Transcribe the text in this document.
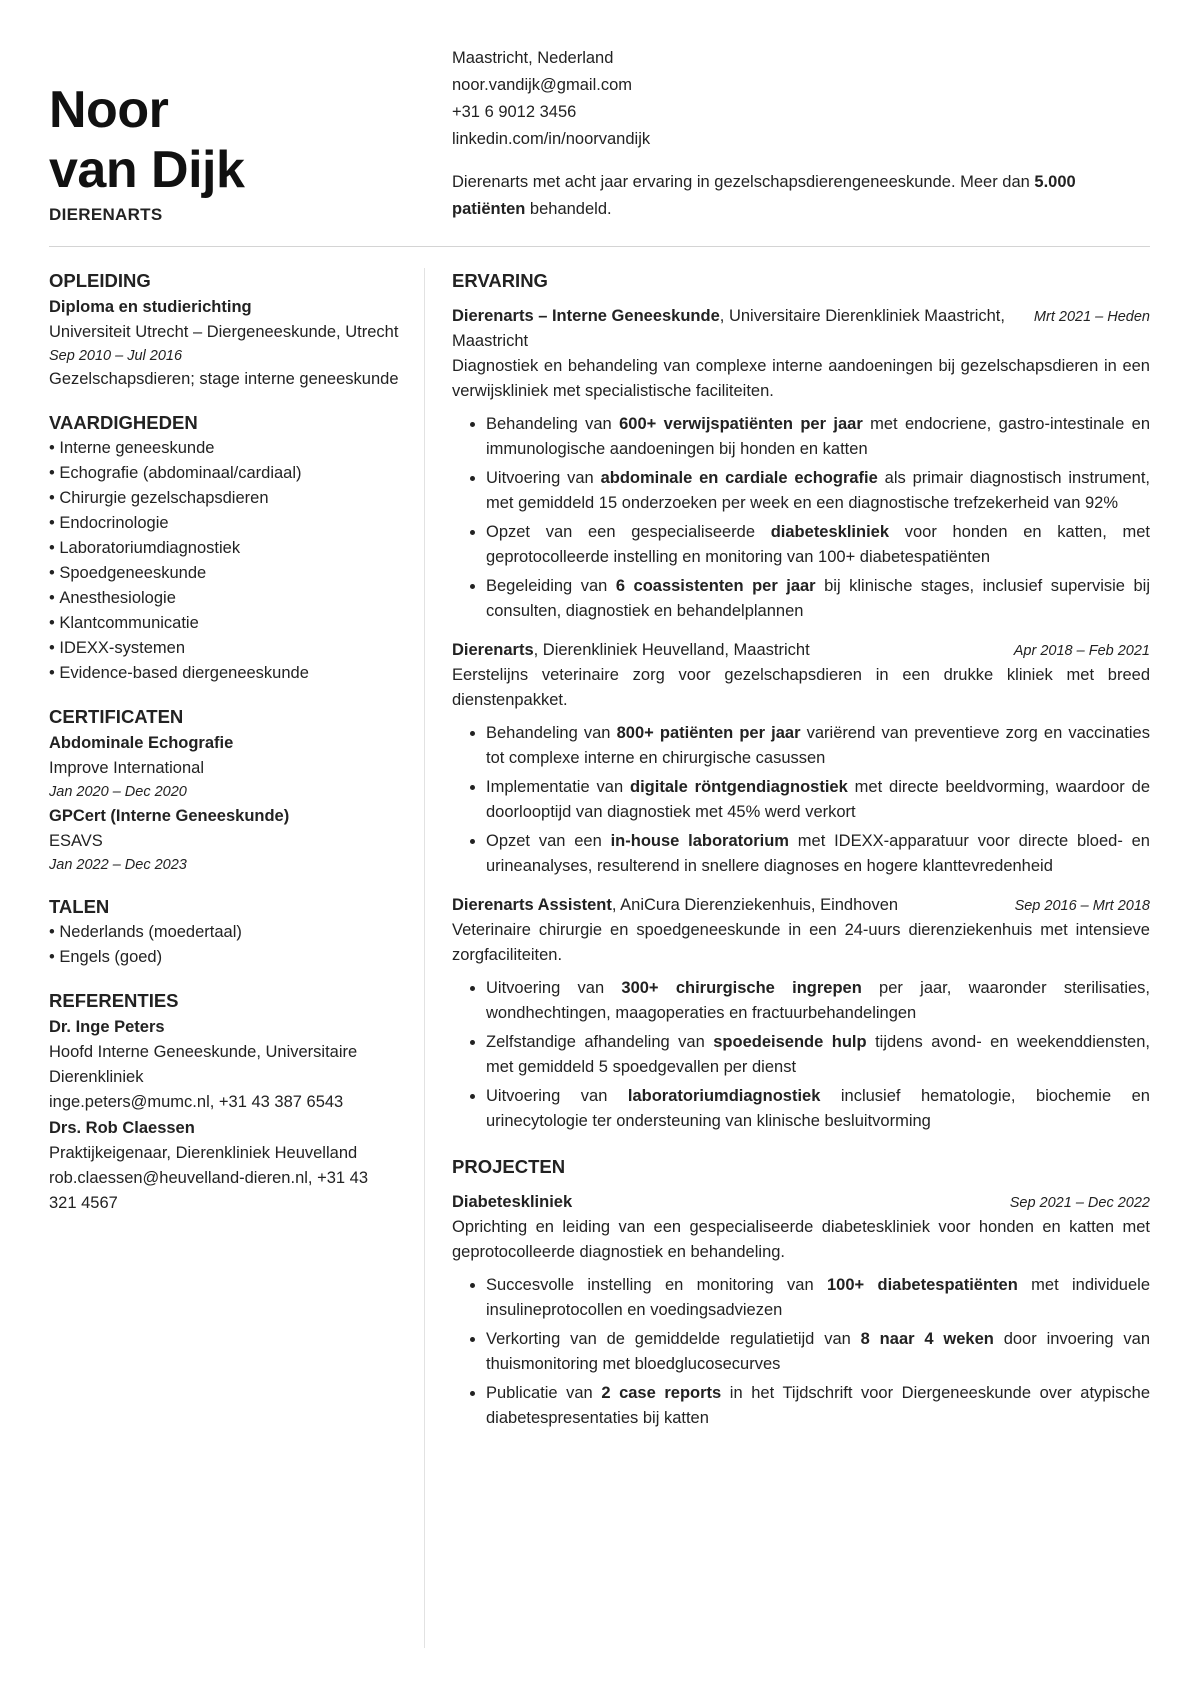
Noor
van Dijk
DIERENARTS
Maastricht, Nederland
noor.vandijk@gmail.com
+31 6 9012 3456
linkedin.com/in/noorvandijk
Dierenarts met acht jaar ervaring in gezelschapsdierengeneeskunde. Meer dan 5.000 patiënten behandeld.
OPLEIDING
Diploma en studierichting
Universiteit Utrecht – Diergeneeskunde, Utrecht
Sep 2010 – Jul 2016
Gezelschapsdieren; stage interne geneeskunde
VAARDIGHEDEN
• Interne geneeskunde
• Echografie (abdominaal/cardiaal)
• Chirurgie gezelschapsdieren
• Endocrinologie
• Laboratoriumdiagnostiek
• Spoedgeneeskunde
• Anesthesiologie
• Klantcommunicatie
• IDEXX-systemen
• Evidence-based diergeneeskunde
CERTIFICATEN
Abdominale Echografie
Improve International
Jan 2020 – Dec 2020
GPCert (Interne Geneeskunde)
ESAVS
Jan 2022 – Dec 2023
TALEN
• Nederlands (moedertaal)
• Engels (goed)
REFERENTIES
Dr. Inge Peters
Hoofd Interne Geneeskunde, Universitaire Dierenkliniek
inge.peters@mumc.nl, +31 43 387 6543
Drs. Rob Claessen
Praktijkeigenaar, Dierenkliniek Heuvelland
rob.claessen@heuvelland-dieren.nl, +31 43 321 4567
ERVARING
Dierenarts – Interne Geneeskunde, Universitaire Dierenkliniek Maastricht, Maastricht
Mrt 2021 – Heden
Diagnostiek en behandeling van complexe interne aandoeningen bij gezelschapsdieren in een verwijskliniek met specialistische faciliteiten.
• Behandeling van 600+ verwijspatiënten per jaar met endocriene, gastro-intestinale en immunologische aandoeningen bij honden en katten
• Uitvoering van abdominale en cardiale echografie als primair diagnostisch instrument, met gemiddeld 15 onderzoeken per week en een diagnostische trefzekerheid van 92%
• Opzet van een gespecialiseerde diabeteskliniek voor honden en katten, met geprotocolleerde instelling en monitoring van 100+ diabetespatiënten
• Begeleiding van 6 coassistenten per jaar bij klinische stages, inclusief supervisie bij consulten, diagnostiek en behandelplannen
Dierenarts, Dierenkliniek Heuvelland, Maastricht	Apr 2018 – Feb 2021
Eerstelijns veterinaire zorg voor gezelschapsdieren in een drukke kliniek met breed dienstenpakket.
• Behandeling van 800+ patiënten per jaar variërend van preventieve zorg en vaccinaties tot complexe interne en chirurgische casussen
• Implementatie van digitale röntgendiagnostiek met directe beeldvorming, waardoor de doorlooptijd van diagnostiek met 45% werd verkort
• Opzet van een in-house laboratorium met IDEXX-apparatuur voor directe bloed- en urineanalyses, resulterend in snellere diagnoses en hogere klanttevredenheid
Dierenarts Assistent, AniCura Dierenziekenhuis, Eindhoven	Sep 2016 – Mrt 2018
Veterinaire chirurgie en spoedgeneeskunde in een 24-uurs dierenziekenhuis met intensieve zorgfaciliteiten.
• Uitvoering van 300+ chirurgische ingrepen per jaar, waaronder sterilisaties, wondhechtingen, maagoperaties en fractuurbehandelingen
• Zelfstandige afhandeling van spoedeisende hulp tijdens avond- en weekenddiensten, met gemiddeld 5 spoedgevallen per dienst
• Uitvoering van laboratoriumdiagnostiek inclusief hematologie, biochemie en urinecytologie ter ondersteuning van klinische besluitvorming
PROJECTEN
Diabeteskliniek	Sep 2021 – Dec 2022
Oprichting en leiding van een gespecialiseerde diabeteskliniek voor honden en katten met geprotocolleerde diagnostiek en behandeling.
• Succesvolle instelling en monitoring van 100+ diabetespatiënten met individuele insulineprotocollen en voedingsadviezen
• Verkorting van de gemiddelde regulatietijd van 8 naar 4 weken door invoering van thuismonitoring met bloedglucosecurves
• Publicatie van 2 case reports in het Tijdschrift voor Diergeneeskunde over atypische diabetespresentaties bij katten
